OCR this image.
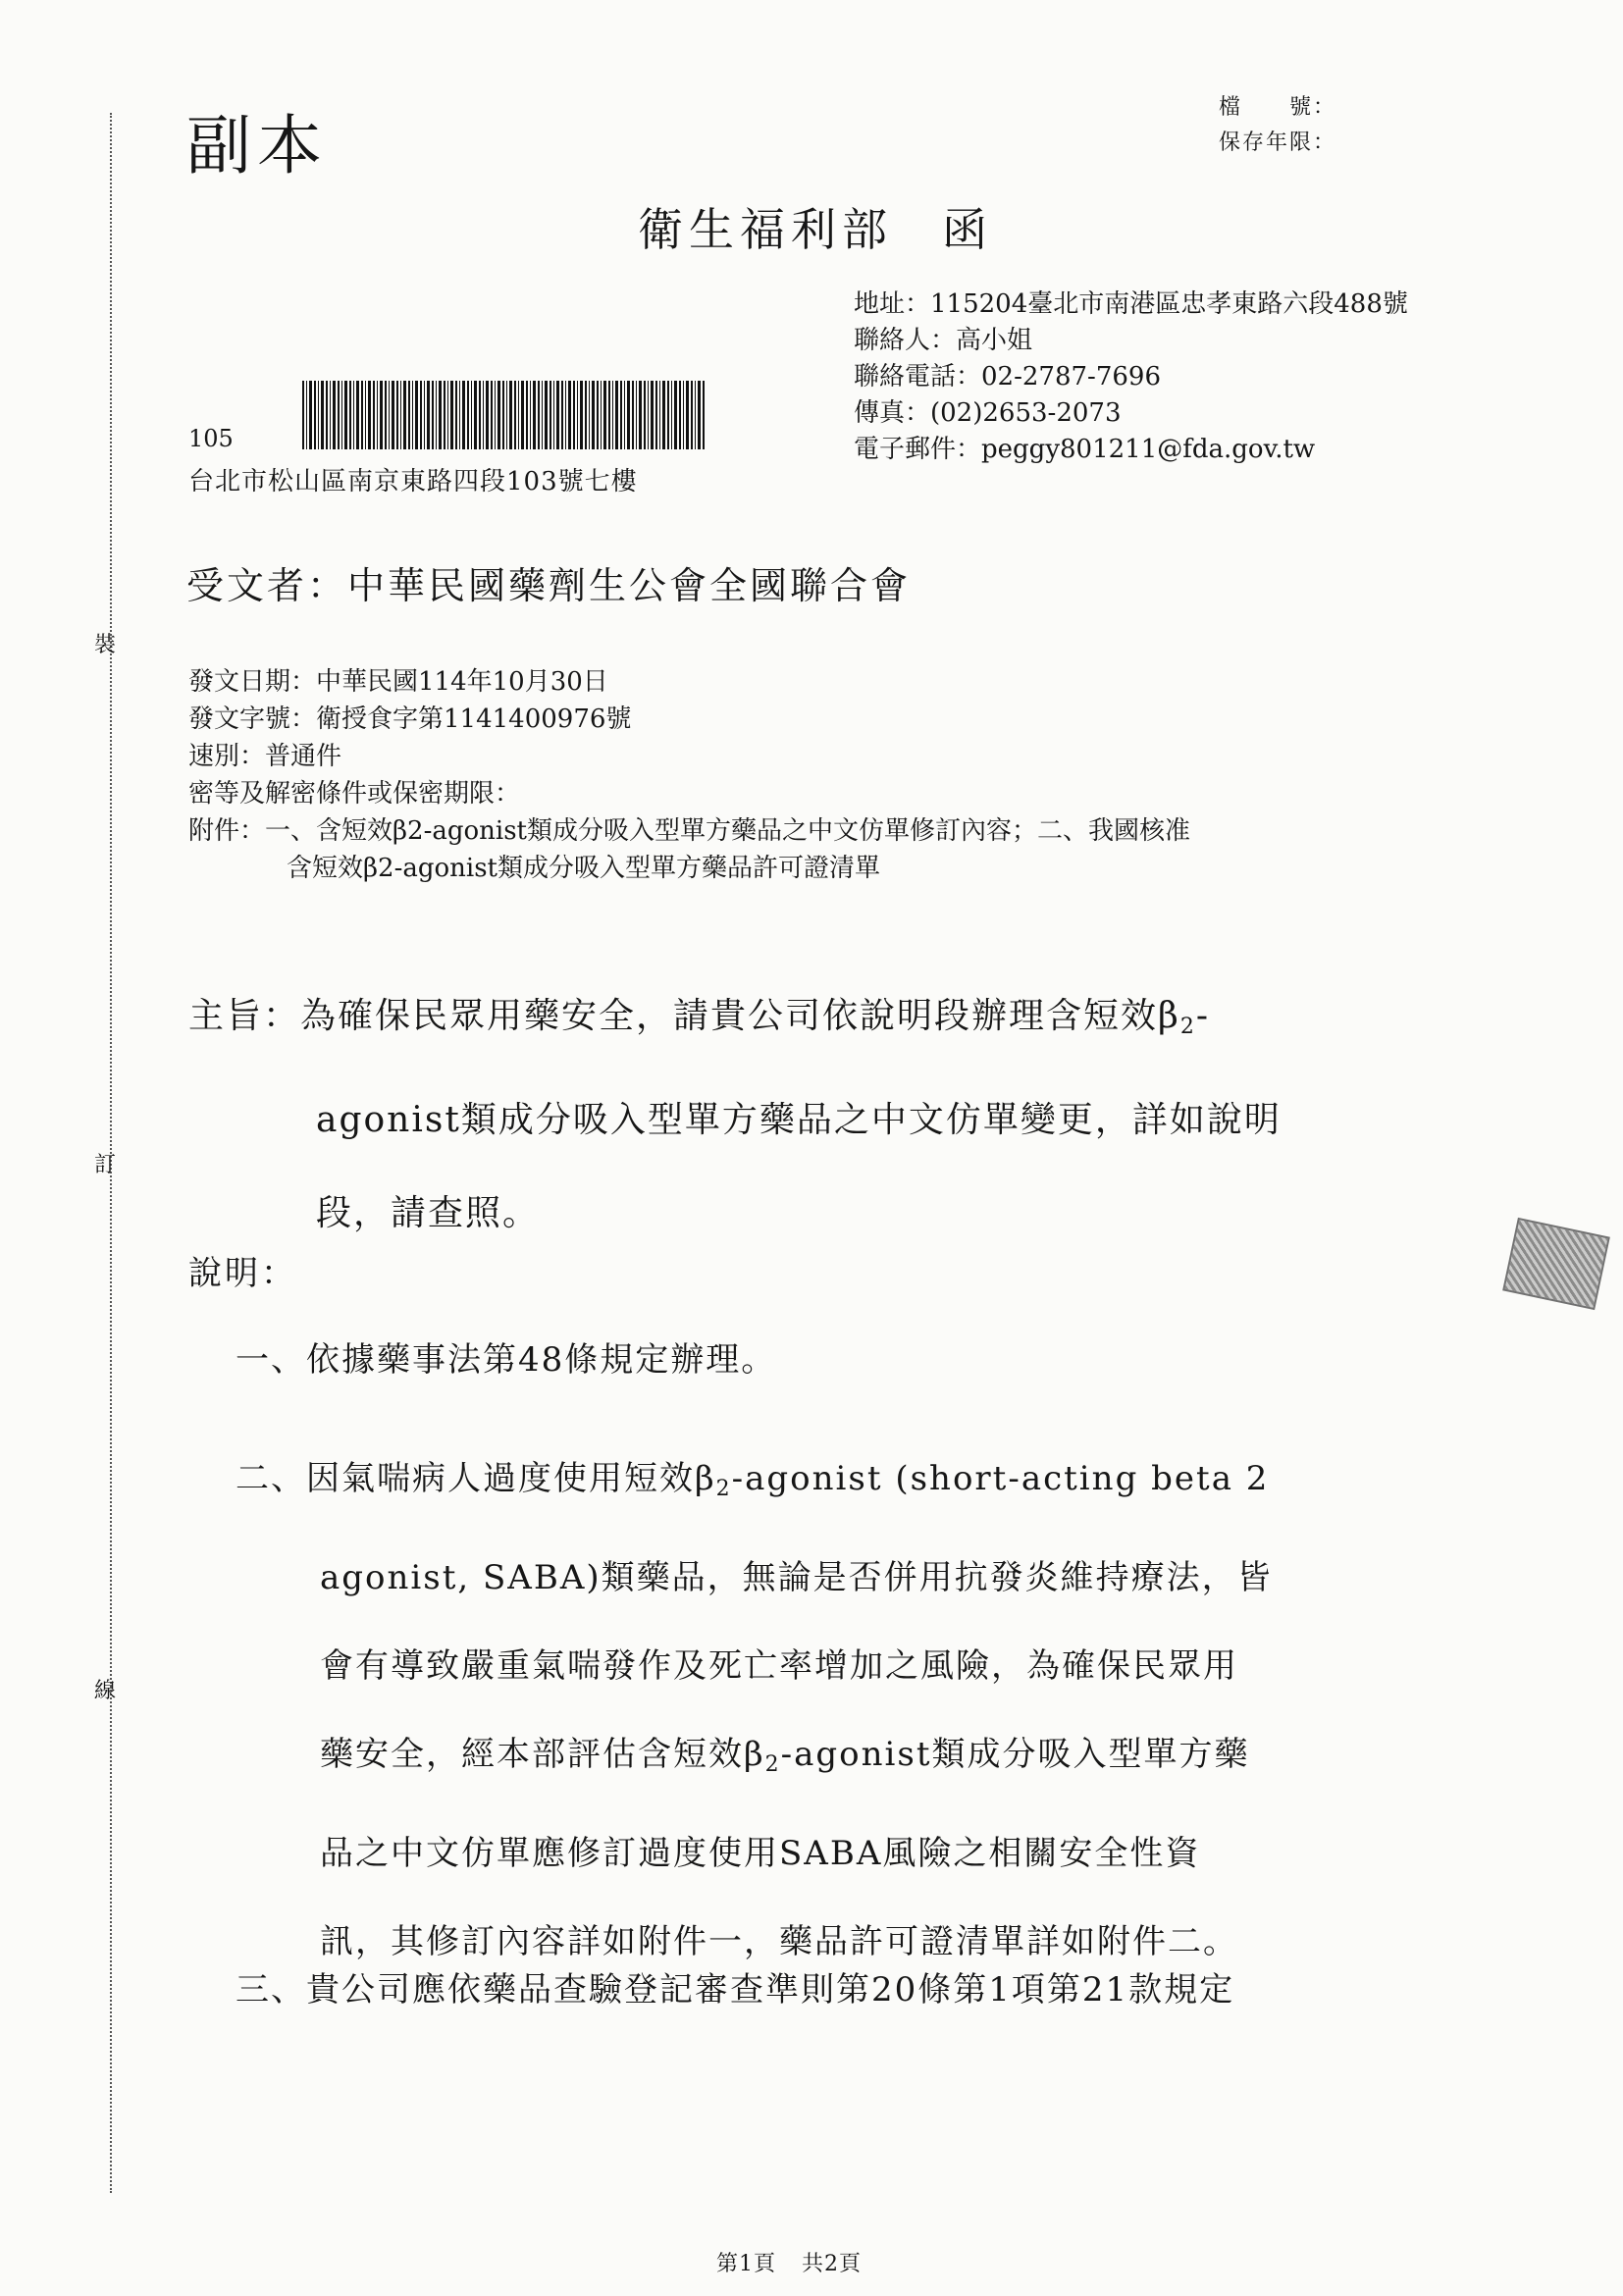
裝
訂
線
副本
檔　　號：
保存年限：
衛生福利部 函
地址：115204臺北市南港區忠孝東路六段488號
聯絡人：高小姐
聯絡電話：02-2787-7696
傳真：(02)2653-2073
電子郵件：peggy801211@fda.gov.tw
105
台北市松山區南京東路四段103號七樓
受文者：中華民國藥劑生公會全國聯合會
發文日期：中華民國114年10月30日
發文字號：衛授食字第1141400976號
速別：普通件
密等及解密條件或保密期限：
附件：一、含短效β2-agonist類成分吸入型單方藥品之中文仿單修訂內容；二、我國核准
含短效β2-agonist類成分吸入型單方藥品許可證清單
主旨：為確保民眾用藥安全，請貴公司依說明段辦理含短效β2-
agonist類成分吸入型單方藥品之中文仿單變更，詳如說明
段，請查照。
說明：
一、依據藥事法第48條規定辦理。
二、因氣喘病人過度使用短效β2-agonist (short-acting beta 2
agonist, SABA)類藥品，無論是否併用抗發炎維持療法，皆
會有導致嚴重氣喘發作及死亡率增加之風險，為確保民眾用
藥安全，經本部評估含短效β2-agonist類成分吸入型單方藥
品之中文仿單應修訂過度使用SABA風險之相關安全性資
訊，其修訂內容詳如附件一，藥品許可證清單詳如附件二。
三、貴公司應依藥品查驗登記審查準則第20條第1項第21款規定
第1頁 共2頁
